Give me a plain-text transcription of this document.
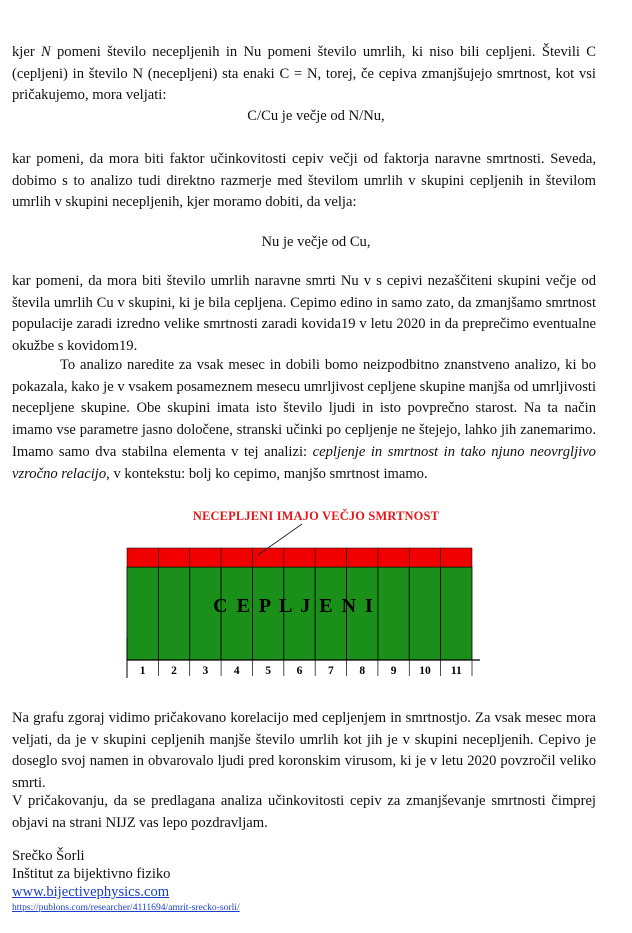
kjer N pomeni število necepljenih in Nu pomeni število umrlih, ki niso bili cepljeni. Števili C (cepljeni) in število N (necepljeni) sta enaki C = N, torej, če cepiva zmanjšujejo smrtnost, kot vsi pričakujemo, mora veljati:

C/Cu je večje od N/Nu,

kar pomeni, da mora biti faktor učinkovitosti cepiv večji od faktorja naravne smrtnosti. Seveda, dobimo s to analizo tudi direktno razmerje med številom umrlih v skupini cepljenih in številom umrlih v skupini necepljenih, kjer moramo dobiti, da velja:

Nu je večje od Cu,

kar pomeni, da mora biti število umrlih naravne smrti Nu v s cepivi nezaščiteni skupini večje od števila umrlih Cu v skupini, ki je bila cepljena. Cepimo edino in samo zato, da zmanjšamo smrtnost populacije zaradi izredno velike smrtnosti zaradi kovida19 v letu 2020 in da preprečimo eventualne okužbe s kovidom19.

To analizo naredite za vsak mesec in dobili bomo neizpodbitno znanstveno analizo, ki bo pokazala, kako je v vsakem posameznem mesecu umrljivost cepljene skupine manjša od umrljivosti necepljene skupine. Obe skupini imata isto število ljudi in isto povprečno starost. Na ta način imamo vse parametre jasno določene, stranski učinki po cepljenje ne štejejo, lahko jih zanemarimo. Imamo samo dva stabilna elementa v tej analizi: cepljenje in smrtnost in tako njuno neovrgljivo vzročno relacijo, v kontekstu: bolj ko cepimo, manjšo smrtnost imamo.

NECEPLJENI IMAJO VEČJO SMRTNOST
C E P L J E N I
1 2 3 4 5 6 7 8 9 10 11

Na grafu zgoraj vidimo pričakovano korelacijo med cepljenjem in smrtnostjo. Za vsak mesec mora veljati, da je v skupini cepljenih manjše število umrlih kot jih je v skupini necepljenih. Cepivo je doseglo svoj namen in obvarovalo ljudi pred koronskim virusom, ki je v letu 2020 povzročil veliko smrti.

V pričakovanju, da se predlagana analiza učinkovitosti cepiv za zmanjševanje smrtnosti čimprej objavi na strani NIJZ vas lepo pozdravljam.

Srečko Šorli
Inštitut za bijektivno fiziko
www.bijectivephysics.com
https://publons.com/researcher/4111694/amrit-srecko-sorli/
